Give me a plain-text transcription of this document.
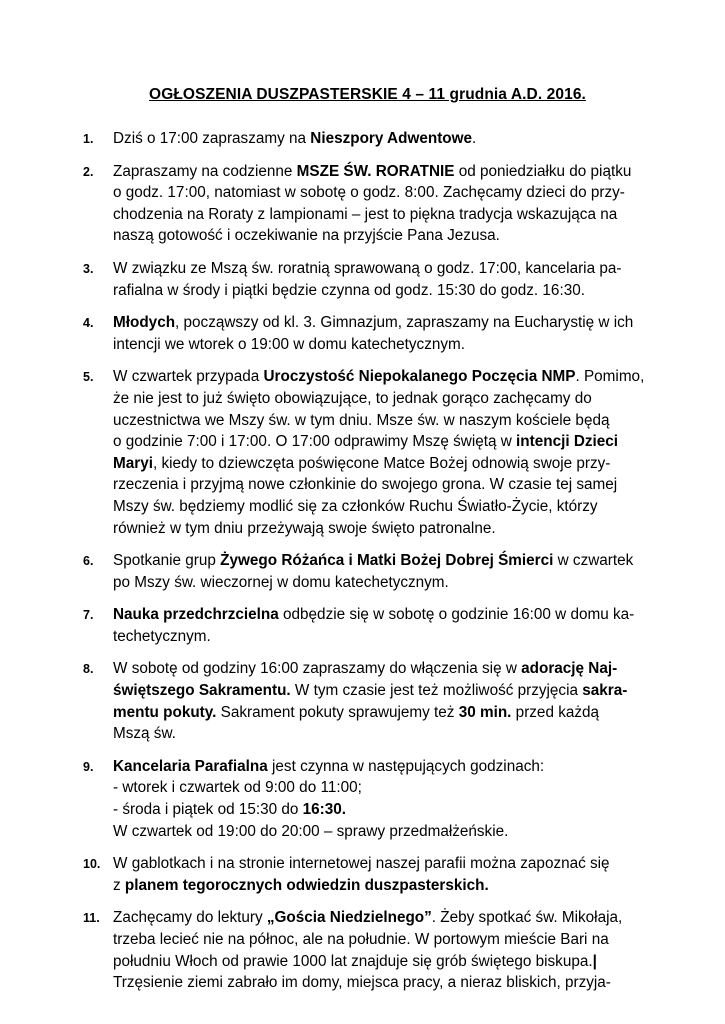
OGŁOSZENIA DUSZPASTERSKIE 4 – 11 grudnia A.D. 2016.
1. Dziś o 17:00 zapraszamy na Nieszpory Adwentowe.
2. Zapraszamy na codzienne MSZE ŚW. RORATNIE od poniedziałku do piątku
o godz. 17:00, natomiast w sobotę o godz. 8:00. Zachęcamy dzieci do przy-
chodzenia na Roraty z lampionami – jest to piękna tradycja wskazująca na
naszą gotowość i oczekiwanie na przyjście Pana Jezusa.
3. W związku ze Mszą św. roratnią sprawowaną o godz. 17:00, kancelaria pa-
rafialna w środy i piątki będzie czynna od godz. 15:30 do godz. 16:30.
4. Młodych, począwszy od kl. 3. Gimnazjum, zapraszamy na Eucharystię w ich
intencji we wtorek o 19:00 w domu katechetycznym.
5. W czwartek przypada Uroczystość Niepokalanego Poczęcia NMP. Pomimo,
że nie jest to już święto obowiązujące, to jednak gorąco zachęcamy do
uczestnictwa we Mszy św. w tym dniu. Msze św. w naszym kościele będą
o godzinie 7:00 i 17:00. O 17:00 odprawimy Mszę świętą w intencji Dzieci
Maryi, kiedy to dziewczęta poświęcone Matce Bożej odnowią swoje przy-
rzeczenia i przyjmą nowe członkinie do swojego grona. W czasie tej samej
Mszy św. będziemy modlić się za członków Ruchu Światło-Życie, którzy
również w tym dniu przeżywają swoje święto patronalne.
6. Spotkanie grup Żywego Różańca i Matki Bożej Dobrej Śmierci w czwartek
po Mszy św. wieczornej w domu katechetycznym.
7. Nauka przedchrzcielna odbędzie się w sobotę o godzinie 16:00 w domu ka-
techetycznym.
8. W sobotę od godziny 16:00 zapraszamy do włączenia się w adorację Naj-
świętszego Sakramentu. W tym czasie jest też możliwość przyjęcia sakra-
mentu pokuty. Sakrament pokuty sprawujemy też 30 min. przed każdą
Mszą św.
9. Kancelaria Parafialna jest czynna w następujących godzinach:
- wtorek i czwartek od 9:00 do 11:00;
- środa i piątek od 15:30 do 16:30.
W czwartek od 19:00 do 20:00 – sprawy przedmałżeńskie.
10. W gablotkach i na stronie internetowej naszej parafii można zapoznać się
z planem tegorocznych odwiedzin duszpasterskich.
11. Zachęcamy do lektury „Gościa Niedzielnego”. Żeby spotkać św. Mikołaja,
trzeba lecieć nie na północ, ale na południe. W portowym mieście Bari na
południu Włoch od prawie 1000 lat znajduje się grób świętego biskupa.|
Trzęsienie ziemi zabrało im domy, miejsca pracy, a nieraz bliskich, przyja-
